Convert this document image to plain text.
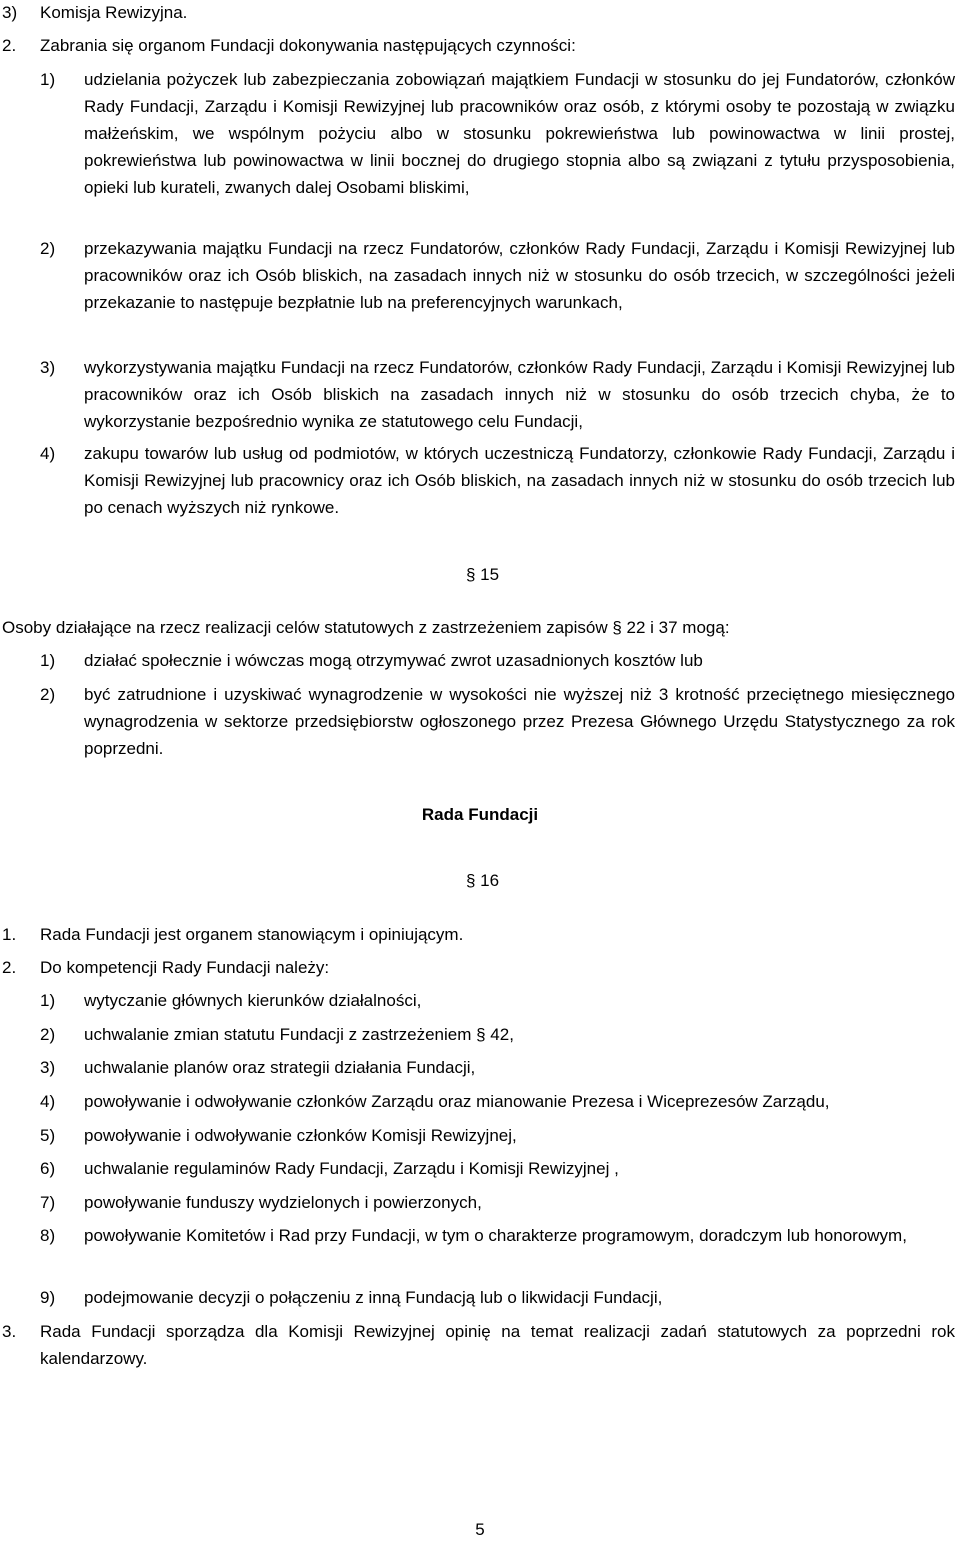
3) Komisja Rewizyjna.
2. Zabrania się organom Fundacji dokonywania następujących czynności:
1) udzielania pożyczek lub zabezpieczania zobowiązań majątkiem Fundacji w stosunku do jej Fundatorów, członków Rady Fundacji, Zarządu i Komisji Rewizyjnej lub pracowników oraz osób, z którymi osoby te pozostają w związku małżeńskim, we wspólnym pożyciu albo w stosunku pokrewieństwa lub powinowactwa w linii prostej, pokrewieństwa lub powinowactwa w linii bocznej do drugiego stopnia albo są związani z tytułu przysposobienia, opieki lub kurateli, zwanych dalej Osobami bliskimi,
2) przekazywania majątku Fundacji na rzecz Fundatorów, członków Rady Fundacji, Zarządu i Komisji Rewizyjnej lub pracowników oraz ich Osób bliskich, na zasadach innych niż w stosunku do osób trzecich, w szczególności jeżeli przekazanie to następuje bezpłatnie lub na preferencyjnych warunkach,
3) wykorzystywania majątku Fundacji na rzecz Fundatorów, członków Rady Fundacji, Zarządu i Komisji Rewizyjnej lub pracowników oraz ich Osób bliskich na zasadach innych niż w stosunku do osób trzecich chyba, że to wykorzystanie bezpośrednio wynika ze statutowego celu Fundacji,
4) zakupu towarów lub usług od podmiotów, w których uczestniczą Fundatorzy, członkowie Rady Fundacji, Zarządu i Komisji Rewizyjnej lub pracownicy oraz ich Osób bliskich, na zasadach innych niż w stosunku do osób trzecich lub po cenach wyższych niż rynkowe.
§ 15
Osoby działające na rzecz realizacji celów statutowych z zastrzeżeniem zapisów § 22 i 37 mogą:
1) działać społecznie i wówczas mogą otrzymywać zwrot uzasadnionych kosztów lub
2) być zatrudnione i uzyskiwać wynagrodzenie w wysokości nie wyższej niż 3 krotność przeciętnego miesięcznego wynagrodzenia w sektorze przedsiębiorstw ogłoszonego przez Prezesa Głównego Urzędu Statystycznego za rok poprzedni.
Rada Fundacji
§ 16
1. Rada Fundacji jest organem stanowiącym i opiniującym.
2. Do kompetencji Rady Fundacji należy:
1) wytyczanie głównych kierunków działalności,
2) uchwalanie zmian statutu Fundacji z zastrzeżeniem § 42,
3) uchwalanie planów oraz strategii działania Fundacji,
4) powoływanie i odwoływanie członków Zarządu oraz mianowanie Prezesa i Wiceprezesów Zarządu,
5) powoływanie i odwoływanie członków Komisji Rewizyjnej,
6) uchwalanie regulaminów Rady Fundacji, Zarządu i Komisji Rewizyjnej ,
7) powoływanie funduszy wydzielonych i powierzonych,
8) powoływanie Komitetów i Rad przy Fundacji, w tym o charakterze programowym, doradczym lub honorowym,
9) podejmowanie decyzji o połączeniu z inną Fundacją lub o likwidacji Fundacji,
3. Rada Fundacji sporządza dla Komisji Rewizyjnej opinię na temat realizacji zadań statutowych za poprzedni rok kalendarzowy.
5
